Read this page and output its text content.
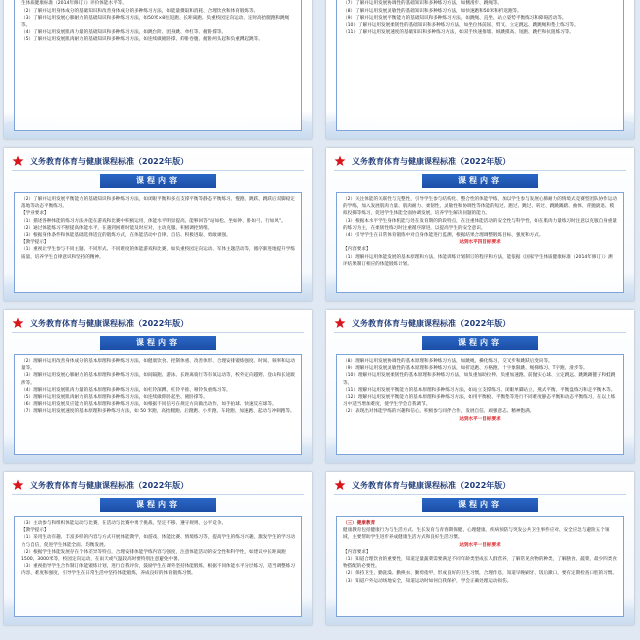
生体质健康标准（2014年修订）》评价体能水平等。

（2）了解并运用身体成分的基础知识和改善身体成分的多种练习方法，如能量摄取和消耗、合理饮食和体育锻炼等。

（3）了解并运用发展心肺耐力的基础知识和多种练习方法，如50米×8往返跑、长距离跑、负重校园定向运动、定时高抬腿跑和跳绳等。

（4）了解并运用发展肌肉力量的基础知识和多种练习方法，如跳台阶、团身跳、单杠等、俯卧撑等。

（5）了解并运用发展肌肉耐力的基础知识和多种练习方法，如连续做俯卧撑、仰卧卷腹、俯卧两头起和负重蹲起跳等。

（7）了解并运用发展协调性的基础知识和多种练习方法，如侧滑步、跳绳等。

（8）了解并运用发展灵敏性的基础知识和多种练习方法，如快速跑和50米和折返跑等。

（9）了解并运用发展平衡能力的基础知识和多种练习方法，如跳绳、直坐、站立姿势平衡练习和障碍活动等。

（10）了解并运用发展柔韧性的基础知识和多种练习方法，如坐位体前屈、劈叉、立定跳远、跳跳绳和垫上练习等。

（11）了解并运用发展速度的基础知识和多种练习方法，如双手快速推墙、纵跳摸高、短跑、跳栏和抗阻练习等。

义务教育体育与健康课程标准（2022年版）
课程内容

（2）了解并运用发展平衡能力的基础知识和多种练习方法，如闭眼平衡和多点支撑平衡等静态平衡练习、慢跑、跳跃、跳跃后双脚稳定落地等动态平衡练习。

【学业要求】

（1）描述各种体能的练习方法并能在游戏和比赛中积极运用，体能水平明显提高，能够回答“站如松、坐如钟、卧如弓、行如风”。

（2）通过体能练习不断提高体能水平，在遇到困难时能及时应对，主动克服、积极调控情绪。

（3）根据身体条件和体能基础选择适宜的锻炼方式，在体能活动中自律、自信、积极进取、勇敢顽强。

【教学提示】

（1）重视让学生参与不同主题、不同形式、不同难度的体能游戏和比赛，如负重校园定向运动、军体主题活动等，循序渐进地提升学练质量，培养学生自律意识和坚持的精神。

义务教育体育与健康课程标准（2022年版）
课程内容

（2）关注体能的关联性与完整性，引导学生参与结构化、整合性的体能学练，加以学生参与发展心肺耐力的情境式竞赛型团队协作运动的学练，加入发展肌肉力量、肌肉耐力、柔韧性、灵敏性和协调性等体能的短过、跑过、跳过、转过、跳跳踢踏、曲体、背抛滚退、模拟投掷等练习，促进学生体能全面协调发展，培养学生解决问题的能力。

（3）根据本水平学生身体机能与处在发育期的阶段特点，在注重体能活动的安全性与科学性，如在肌肉力量练习时注意以克服自身重量的练习为主，在柔韧性练习时注重循序渐进，以提高学生的安全意识。

（4）引导学生在日常体育锻炼中对自身体能进行监测，根据结果合理调整锻炼目标、强度和方式。

达到水平四目标要求

【内容要求】

（1）理解并运用体能发展的基本原理和方法，体能训练计划制订的程序和方法，能依据《国家学生体质健康标准（2014年修订）》测评结果制订相应的体能锻炼计划。

义务教育体育与健康课程标准（2022年版）
课程内容

（2）理解并运用改善身体成分的基本原理和多种练习方法，如健康饮食、控制体重、改善体形、合理安排锻炼强度、时间、频率和运动量等。

（3）理解并运用发展心肺耐力的基本原理和多种练习方法，如间隔跑、游泳、长距离骑行等有氧运动等，校外定向越野、登山和长途跋涉等。

（4）理解并运用发展肌肉力量的基本原理和多种练习方法，如杠铃深蹲、杠铃平推、哑铃负重练习等。

（5）理解并运用发展肌肉耐力的基本原理和多种练习方法，如连续做仰卧起坐、俯卧撑等。

（6）理解并运用发展反应能力的基本原理和多种练习方法，如根据不同信号在规定方向做出动作，如手拍球、快速反应球等。

（7）理解并运用发展速度的基本原理和多种练习方法，如 50 米跑、高抬腿跑、后蹬跑、小步跑、车轮跑、加速跑、起动与冲刺跑等。

义务教育体育与健康课程标准（2022年版）
课程内容

（8）理解并运用发展协调性的基本原理和多种练习方法，如跳绳、操化练习、交叉步和跳跃后变向等。

（9）理解并运用发展灵敏性的基本原理和多种练习方法，如折返跑、方格跑、十字象限跳、绳梯练习、T字跑、滑步等。

（10）理解并运用发展柔韧性的基本原理和多种练习方法，如负重加助拉伸、负重加速跑、前抛实心球、立定跳远、跳跳踢毽子和蛙跳等。

（11）理解并运用发展平衡能力的基本原理和多种练习方法，如站立支撑练习、闭眼单脚站立、燕式平衡、平衡盘练习和走平衡木等。

（12）理解并运用发展平衡能力的基本原理和多种练习方法，如用平衡板、平衡垫等进行不同难度静态平衡和动态平衡练习，在以上练习中适当增加难度，使学生学会自我调节。

（2）表现出对体能学练的兴趣和信心，积极参与同伴合作，发展自信、顽强意志、精神饱满。

达到水平一目标要求

义务教育体育与健康课程标准（2022年版）
课程内容

（3）主动参与和组织体能运动与比赛，在活动与比赛中勇于挑战、坚定不移、遵守规则、公平竞争。

【教学提示】

（1）采用生动有趣、丰富多样的内容与方式开展体能教学，如游戏、体能比赛、情境练习等，提高学生的练习兴趣，激发学生的学习动力与自信，促进学生体能全面、均衡发展。

（2）根据学生体能发展存在个体差异等特点，合理安排体能学练内容与强度，注意体能活动的安全性和科学性，如建议中长距离跑1500、3000米等，校园定向运动，在雨天或气温较高时要特别注意避免中暑。

（3）重视指导学生合作制订体能锻炼计划，进行自我评价，鼓励学生在课外坚持体能锻炼，根据不同体能水平分层练习，适当调整练习内容、难度和强度，引导学生在日常生活中坚持体能锻炼，养成良好的体育锻炼习惯。

义务教育体育与健康课程标准（2022年版）
课程内容

（三）健康教育

健康教育包括健康行为与生活方式、生长发育与青春期保健、心理健康、疾病预防与突发公共卫生事件应对、安全应急与避险五个领域，主要帮助学生进步养成健康生活方式和良好生活习惯。

达到水平一目标要求

【内容要求】

（1）知道合理饮食的重要性，知道足量蔬菜需要满足不同年龄类型成长人群营养，了解常见食物的种类，了解膳食、蔬菜，最少四类食物搭配的必要性。

（2）保持卫生，勤洗澡、勤换衣、勤剪指甲，形成良好的卫生习惯，合理作息，知道早晚刷牙、饭后漱口，要有定期检查口腔的习惯。

（3）知道户外运动场地安全，知道运动时如何自我保护，学会正确处理运动损伤。
